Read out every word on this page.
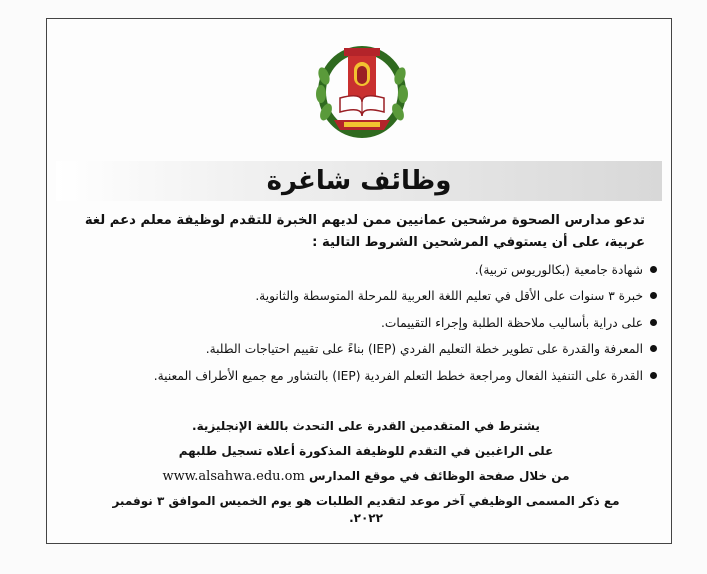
وظائف شاغرة

تدعو مدارس الصحوة مرشحين عمانيين ممن لديهم الخبرة للتقدم لوظيفة معلم دعم لغة عربية، على أن يستوفي المرشحين الشروط التالية :

شهادة جامعية (بكالوريوس تربية).
خبرة ٣ سنوات على الأقل في تعليم اللغة العربية للمرحلة المتوسطة والثانوية.
على دراية بأساليب ملاحظة الطلبة وإجراء التقييمات.
المعرفة والقدرة على تطوير خطة التعليم الفردي (IEP) بناءً على تقييم احتياجات الطلبة.
القدرة على التنفيذ الفعال ومراجعة خطط التعلم الفردية (IEP) بالتشاور مع جميع الأطراف المعنية.

يشترط في المتقدمين القدرة على التحدث باللغة الإنجليزية.

على الراغبين في التقدم للوظيفة المذكورة أعلاه تسجيل طلبهم

من خلال صفحة الوظائف في موقع المدارس www.alsahwa.edu.om

مع ذكر المسمى الوظيفي آخر موعد لتقديم الطلبات هو يوم الخميس الموافق ٣ نوفمبر ٢٠٢٢.
